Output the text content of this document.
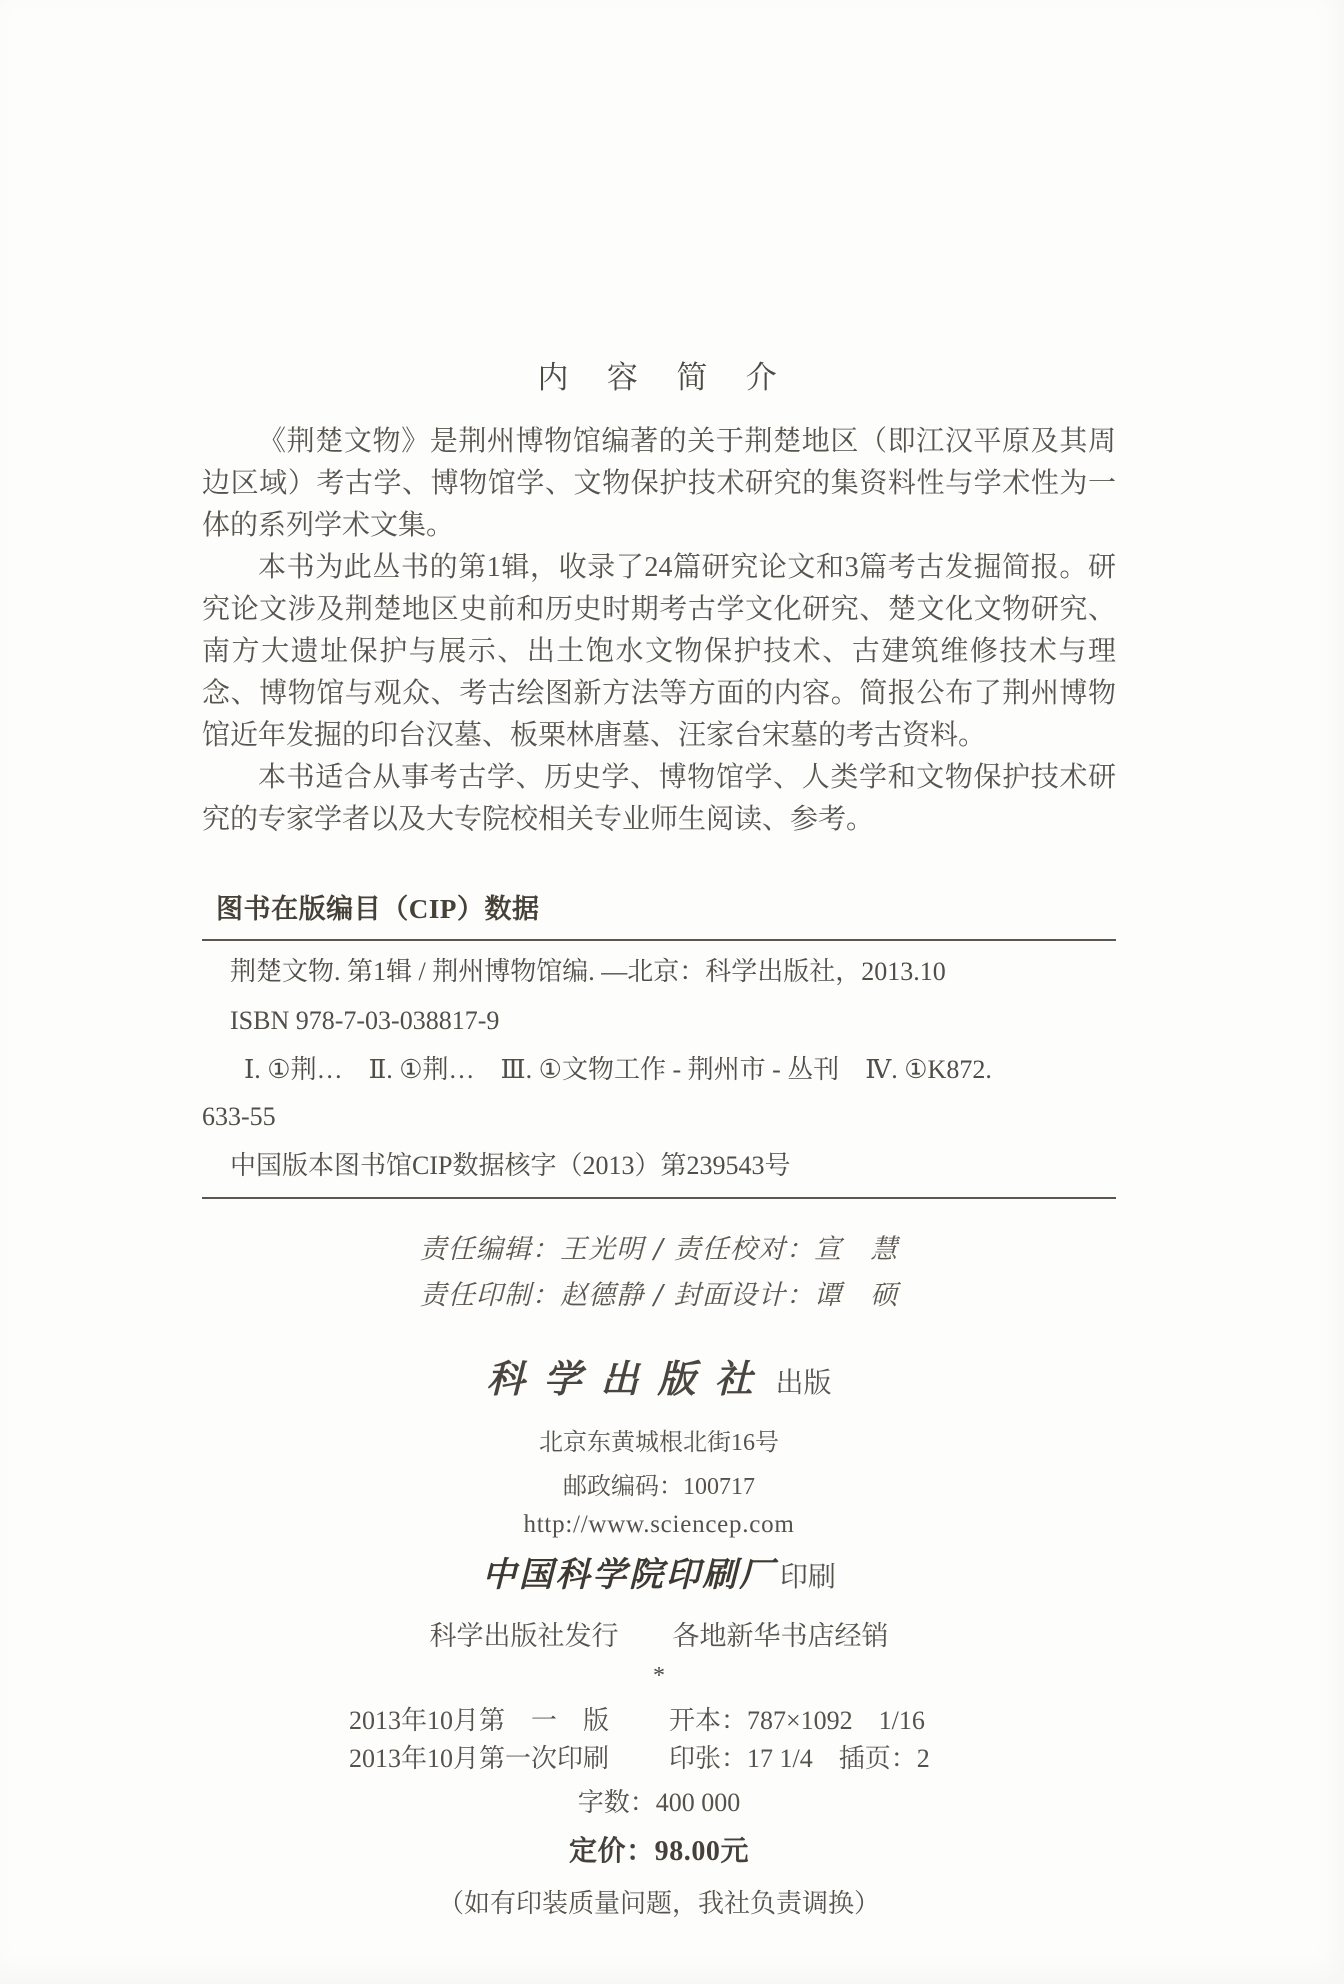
内　容　简　介

《荆楚文物》是荆州博物馆编著的关于荆楚地区（即江汉平原及其周边区域）考古学、博物馆学、文物保护技术研究的集资料性与学术性为一体的系列学术文集。

本书为此丛书的第1辑，收录了24篇研究论文和3篇考古发掘简报。研究论文涉及荆楚地区史前和历史时期考古学文化研究、楚文化文物研究、南方大遗址保护与展示、出土饱水文物保护技术、古建筑维修技术与理念、博物馆与观众、考古绘图新方法等方面的内容。简报公布了荆州博物馆近年发掘的印台汉墓、板栗林唐墓、汪家台宋墓的考古资料。

本书适合从事考古学、历史学、博物馆学、人类学和文物保护技术研究的专家学者以及大专院校相关专业师生阅读、参考。

图书在版编目（CIP）数据
荆楚文物. 第1辑 / 荆州博物馆编. —北京：科学出版社，2013.10
ISBN 978-7-03-038817-9
Ⅰ. ①荆…　Ⅱ. ①荆…　Ⅲ. ①文物工作 - 荆州市 - 丛刊　Ⅳ. ①K872.
633-55
中国版本图书馆CIP数据核字（2013）第239543号
责任编辑：王光明 / 责任校对：宣　慧
责任印制：赵德静 / 封面设计：谭　硕
科学出版社 出版
北京东黄城根北街16号
邮政编码：100717
http://www.sciencep.com
中国科学院印刷厂 印刷
科学出版社发行　　各地新华书店经销
*
2013年10月第　一　版	开本：787×1092　1/16
2013年10月第一次印刷	印张：17 1/4　插页：2
字数：400 000
定价：98.00元
（如有印装质量问题，我社负责调换）
